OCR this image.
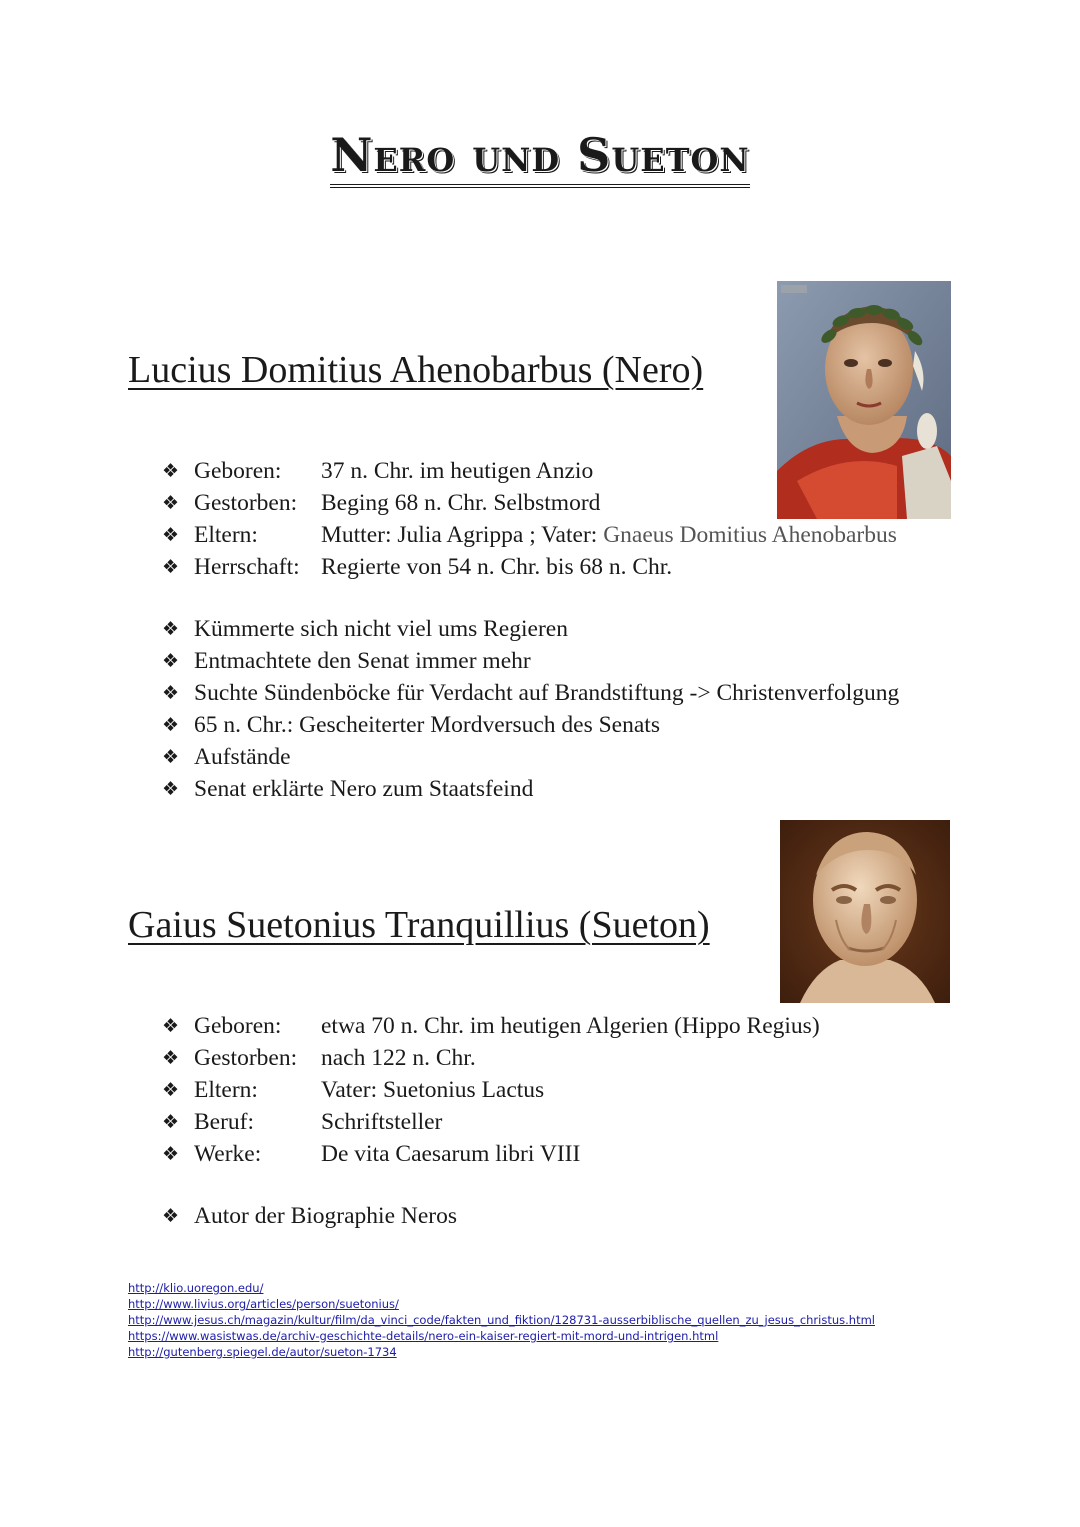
Nero und Sueton
Lucius Domitius Ahenobarbus (Nero)
❖ Geboren:	37 n. Chr. im heutigen Anzio
❖ Gestorben:	Beging 68 n. Chr. Selbstmord
❖ Eltern:	Mutter: Julia Agrippa ; Vater: Gnaeus Domitius Ahenobarbus
❖ Herrschaft: Regierte von 54 n. Chr. bis 68 n. Chr.
❖ Kümmerte sich nicht viel ums Regieren
❖ Entmachtete den Senat immer mehr
❖ Suchte Sündenböcke für Verdacht auf Brandstiftung -> Christenverfolgung
❖ 65 n. Chr.: Gescheiterter Mordversuch des Senats
❖ Aufstände
❖ Senat erklärte Nero zum Staatsfeind
Gaius Suetonius Tranquillius (Sueton)
❖ Geboren:	etwa 70 n. Chr. im heutigen Algerien (Hippo Regius)
❖ Gestorben:	nach 122 n. Chr.
❖ Eltern:	Vater: Suetonius Lactus
❖ Beruf:	Schriftsteller
❖ Werke:	De vita Caesarum libri VIII
❖ Autor der Biographie Neros
http://klio.uoregon.edu/
http://www.livius.org/articles/person/suetonius/
http://www.jesus.ch/magazin/kultur/film/da_vinci_code/fakten_und_fiktion/128731-ausserbiblische_quellen_zu_jesus_christus.html
https://www.wasistwas.de/archiv-geschichte-details/nero-ein-kaiser-regiert-mit-mord-und-intrigen.html
http://gutenberg.spiegel.de/autor/sueton-1734
